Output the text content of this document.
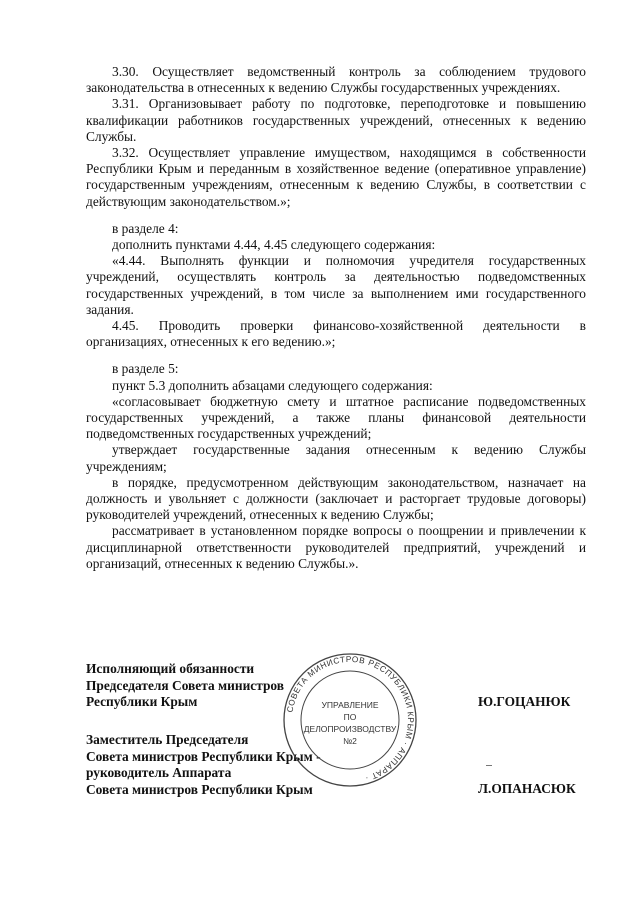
3.30. Осуществляет ведомственный контроль за соблюдением трудового законодательства в отнесенных к ведению Службы государственных учреждениях.

3.31. Организовывает работу по подготовке, переподготовке и повышению квалификации работников государственных учреждений, отнесенных к ведению Службы.

3.32. Осуществляет управление имуществом, находящимся в собственности Республики Крым и переданным в хозяйственное ведение (оперативное управление) государственным учреждениям, отнесенным к ведению Службы, в соответствии с действующим законодательством.»;

в разделе 4:

дополнить пунктами 4.44, 4.45 следующего содержания:

«4.44. Выполнять функции и полномочия учредителя государственных учреждений, осуществлять контроль за деятельностью подведомственных государственных учреждений, в том числе за выполнением ими государственного задания.

4.45. Проводить проверки финансово-хозяйственной деятельности в организациях, отнесенных к его ведению.»;

в разделе 5:

пункт 5.3 дополнить абзацами следующего содержания:

«согласовывает бюджетную смету и штатное расписание подведомственных государственных учреждений, а также планы финансовой деятельности подведомственных государственных учреждений;

утверждает государственные задания отнесенным к ведению Службы учреждениям;

в порядке, предусмотренном действующим законодательством, назначает на должность и увольняет с должности (заключает и расторгает трудовые договоры) руководителей учреждений, отнесенных к ведению Службы;

рассматривает в установленном порядке вопросы о поощрении и привлечении к дисциплинарной ответственности руководителей предприятий, учреждений и организаций, отнесенных к ведению Службы.».

Исполняющий обязанности
Председателя Совета министров
Республики Крым	Ю.ГОЦАНЮК
Заместитель Председателя
Совета министров Республики Крым -
руководитель Аппарата
Совета министров Республики Крым	Л.ОПАНАСЮК
СОВЕТА МИНИСТРОВ РЕСПУБЛИКИ КРЫМ · АППАРАТ ·
УПРАВЛЕНИЕ
ПО
ДЕЛОПРОИЗВОДСТВУ
№2
